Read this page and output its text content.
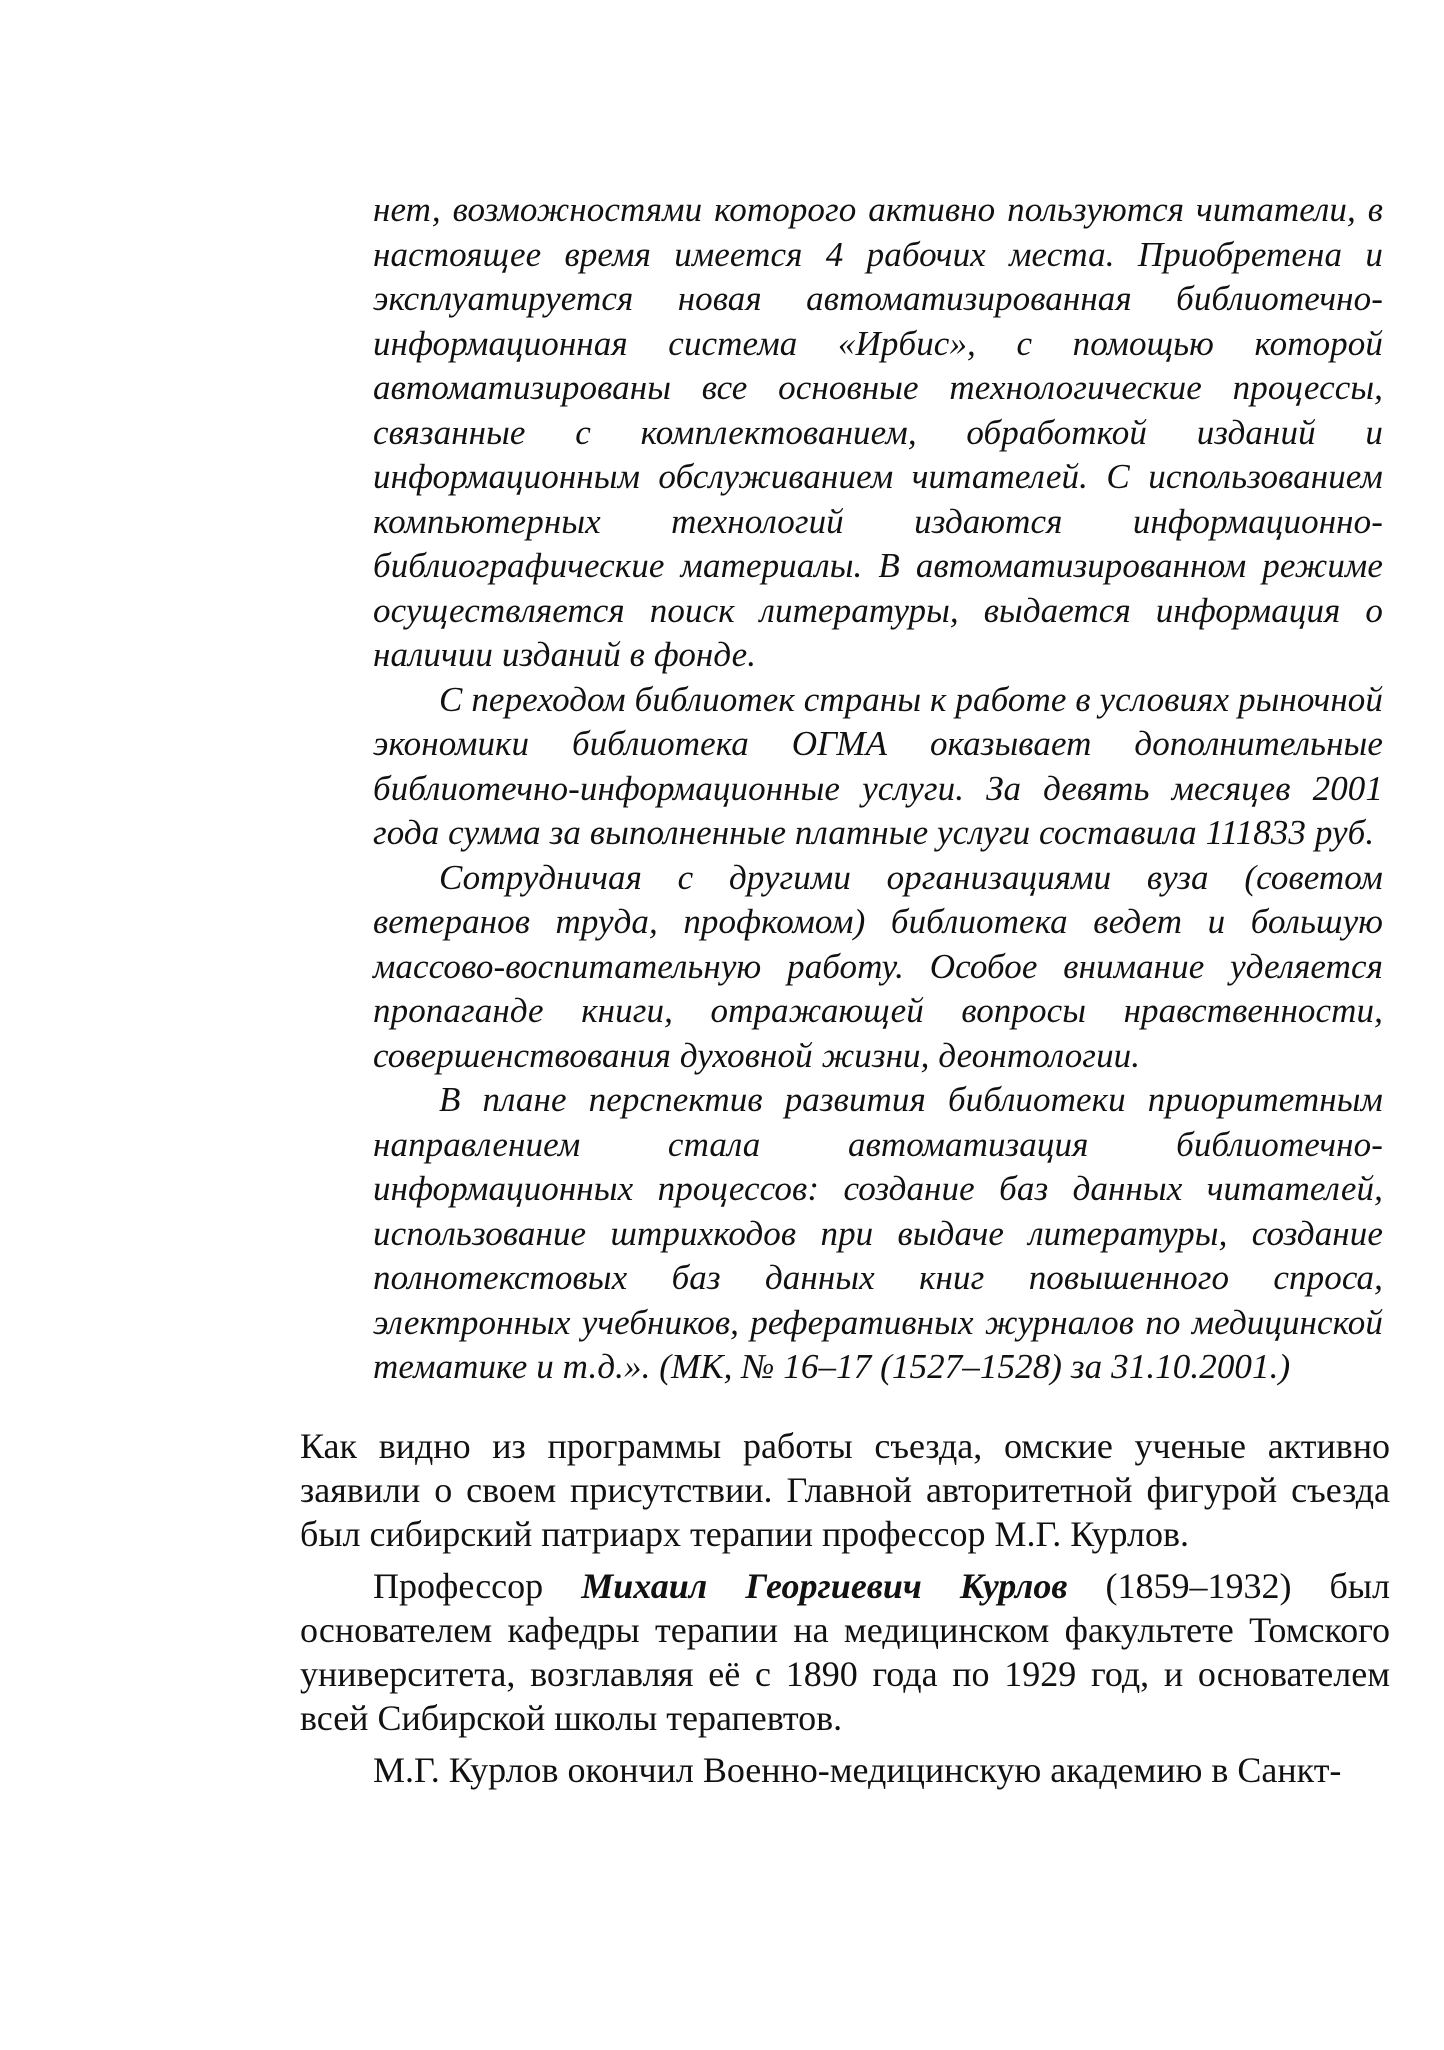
нет, возможностями которого активно пользуются читатели, в настоящее время имеется 4 рабочих места. Приобретена и эксплуатируется новая автоматизированная библиотечно-информационная система «Ирбис», с помощью которой автоматизированы все основные технологические процессы, связанные с комплектованием, обработкой изданий и информационным обслуживанием читателей. С использованием компьютерных технологий издаются информационно-библиографические материалы. В автоматизированном режиме осуществляется поиск литературы, выдается информация о наличии изданий в фонде.

С переходом библиотек страны к работе в условиях рыночной экономики библиотека ОГМА оказывает дополнительные библиотечно-информационные услуги. За девять месяцев 2001 года сумма за выполненные платные услуги составила 111833 руб.

Сотрудничая с другими организациями вуза (советом ветеранов труда, профкомом) библиотека ведет и большую массово-воспитательную работу. Особое внимание уделяется пропаганде книги, отражающей вопросы нравственности, совершенствования духовной жизни, деонтологии.

В плане перспектив развития библиотеки приоритетным направлением стала автоматизация библиотечно-информационных процессов: создание баз данных читателей, использование штрихкодов при выдаче литературы, создание полнотекстовых баз данных книг повышенного спроса, электронных учебников, реферативных журналов по медицинской тематике и т.д.». (МК, № 16–17 (1527–1528) за 31.10.2001.)

Как видно из программы работы съезда, омские ученые активно заявили о своем присутствии. Главной авторитетной фигурой съезда был сибирский патриарх терапии профессор М.Г. Курлов.

Профессор Михаил Георгиевич Курлов (1859–1932) был основателем кафедры терапии на медицинском факультете Томского университета, возглавляя её с 1890 года по 1929 год, и основателем всей Сибирской школы терапевтов.

М.Г. Курлов окончил Военно-медицинскую академию в Санкт-
